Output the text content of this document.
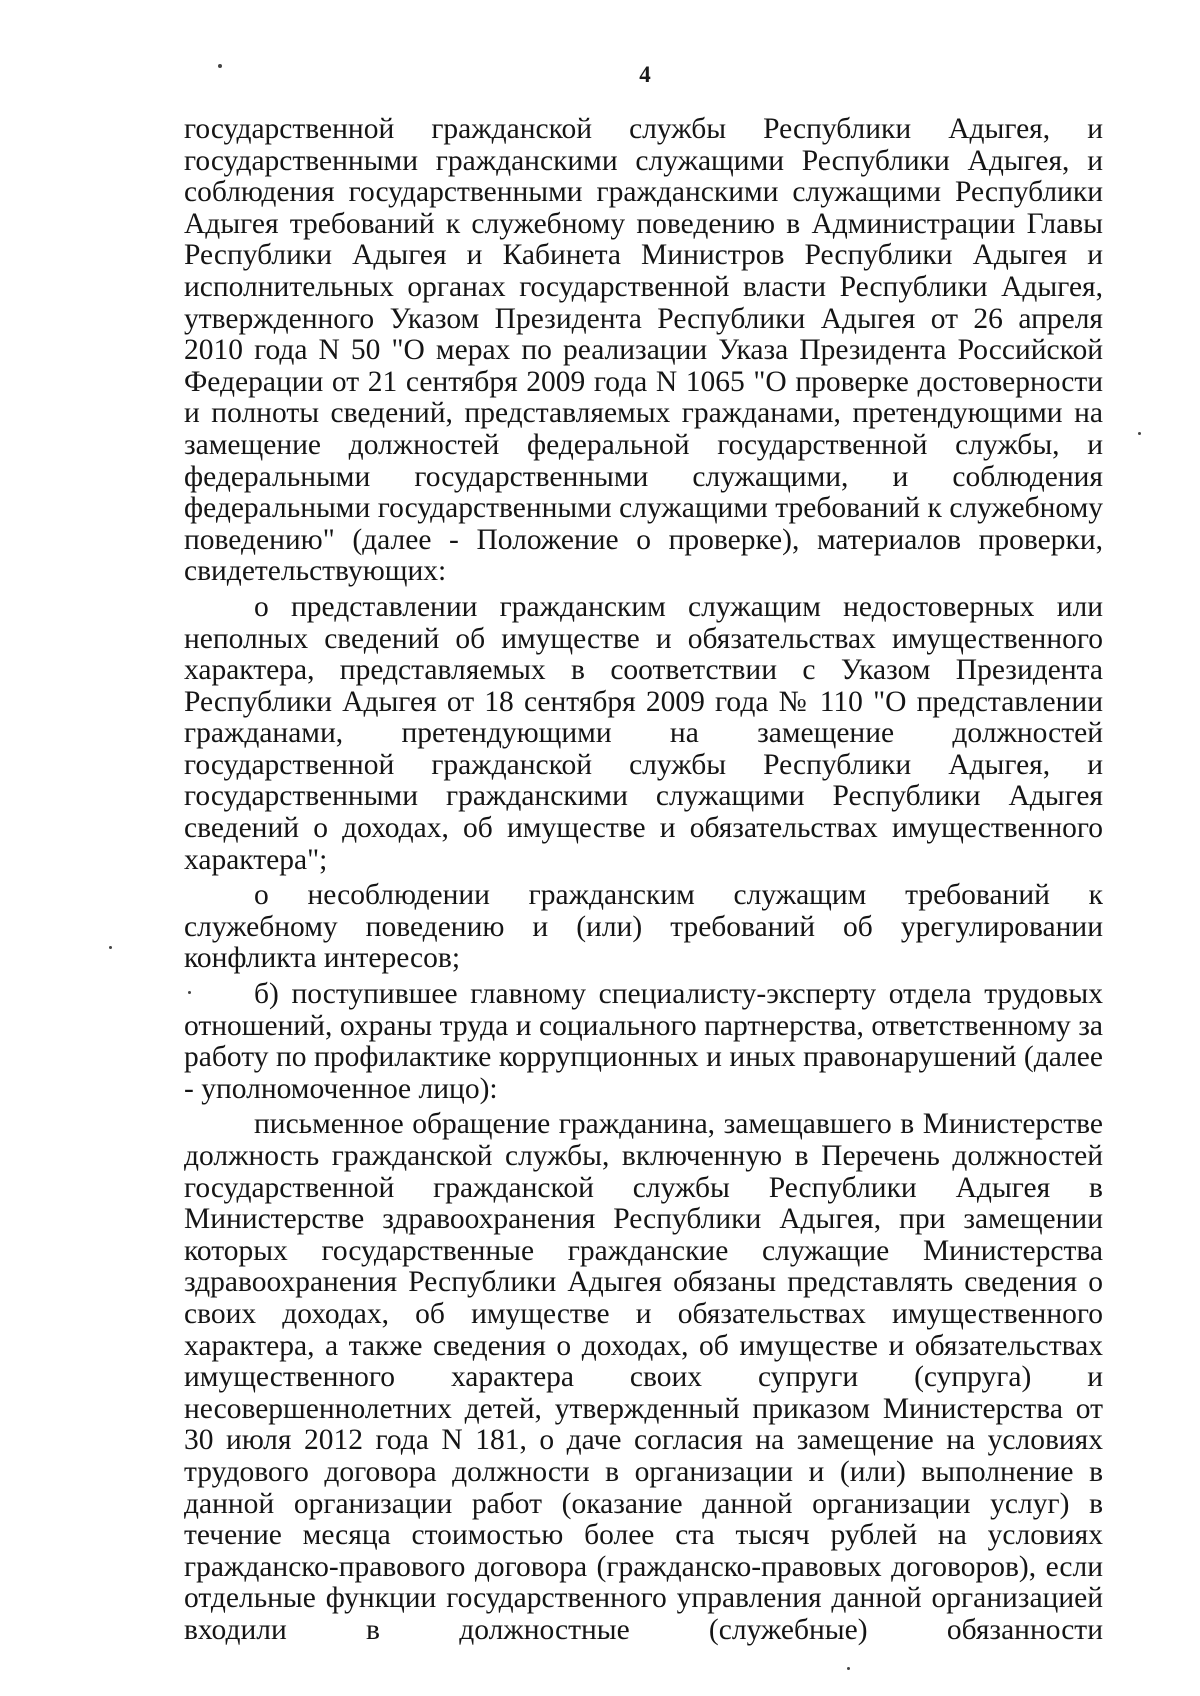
4

государственной гражданской службы Республики Адыгея, и государственными гражданскими служащими Республики Адыгея, и соблюдения государственными гражданскими служащими Республики Адыгея требований к служебному поведению в Администрации Главы Республики Адыгея и Кабинета Министров Республики Адыгея и исполнительных органах государственной власти Республики Адыгея, утвержденного Указом Президента Республики Адыгея от 26 апреля 2010 года N 50 "О мерах по реализации Указа Президента Российской Федерации от 21 сентября 2009 года N 1065 "О проверке достоверности и полноты сведений, представляемых гражданами, претендующими на замещение должностей федеральной государственной службы, и федеральными государственными служащими, и соблюдения федеральными государственными служащими требований к служебному поведению" (далее - Положение о проверке), материалов проверки, свидетельствующих:

о представлении гражданским служащим недостоверных или неполных сведений об имуществе и обязательствах имущественного характера, представляемых в соответствии с Указом Президента Республики Адыгея от 18 сентября 2009 года № 110 "О представлении гражданами, претендующими на замещение должностей государственной гражданской службы Республики Адыгея, и государственными гражданскими служащими Республики Адыгея сведений о доходах, об имуществе и обязательствах имущественного характера";

о несоблюдении гражданским служащим требований к служебному поведению и (или) требований об урегулировании конфликта интересов;

б) поступившее главному специалисту-эксперту отдела трудовых отношений, охраны труда и социального партнерства, ответственному за работу по профилактике коррупционных и иных правонарушений (далее - уполномоченное лицо):

письменное обращение гражданина, замещавшего в Министерстве должность гражданской службы, включенную в Перечень должностей государственной гражданской службы Республики Адыгея в Министерстве здравоохранения Республики Адыгея, при замещении которых государственные гражданские служащие Министерства здравоохранения Республики Адыгея обязаны представлять сведения о своих доходах, об имуществе и обязательствах имущественного характера, а также сведения о доходах, об имуществе и обязательствах имущественного характера своих супруги (супруга) и несовершеннолетних детей, утвержденный приказом Министерства от 30 июля 2012 года N 181, о даче согласия на замещение на условиях трудового договора должности в организации и (или) выполнение в данной организации работ (оказание данной организации услуг) в течение месяца стоимостью более ста тысяч рублей на условиях гражданско-правового договора (гражданско-правовых договоров), если отдельные функции государственного управления данной организацией входили в должностные (служебные) обязанности
